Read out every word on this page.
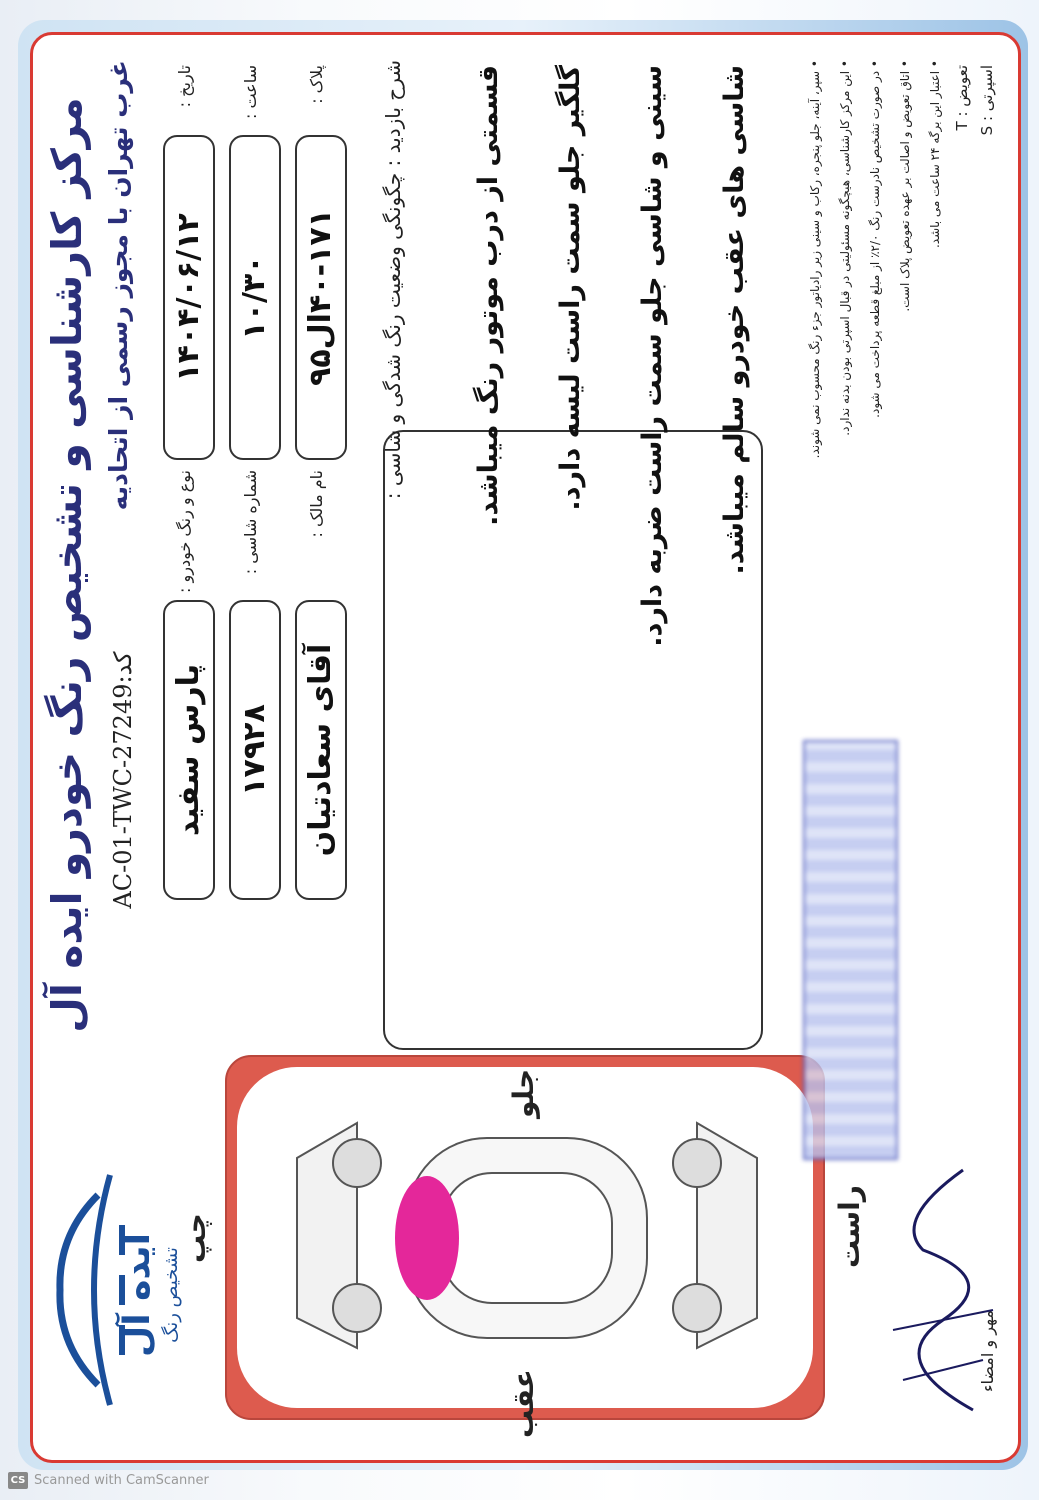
مرکز کارشناسی و تشخیص رنگ خودرو ایده آل غرب تهران با مجوز رسمی از اتحادیه
AC-01-TWC-27249:کد
ایده آل تشخیص رنگ
تاریخ :
۱۴۰۴/۰۶/۱۲
نوع و رنگ خودرو :
پارس سفید
ساعت :
۱۰/۳۰
شماره شاسی :
۱۷۹۲۸
پلاک :
۴۰-۱۷۱ال۹۵
نام مالک :
آقای سعادتیان
چپ	راست
جلو
عقب
شرح بازدید : چگونگی وضعیت رنگ شدگی و شاسی :	قسمتی از درب موتور رنگ میباشد. گلگیر جلو سمت راست لیسه دارد. سینی و شاسی جلو سمت راست ضربه دارد. شاسی های عقب خودرو سالم میباشد.	• سپر، آینه، جلو پنجره، رکاب و سینی زیر رادیاتور جزء رنگ محسوب نمی شوند. • این مرکز کارشناسی، هیچگونه مسئولیتی در قبال اسپرتی بودن بدنه ندارد. • در صورت تشخیص نادرست رنگ ۲/۰٪ از مبلغ قطعه پرداخت می شود. • اتاق تعویض و اصالت بر عهده تعویض پلاک است. • اعتبار این برگه ۲۴ ساعت می باشد.
مهر و امضاء
تعویض : T
اسپرتی : S
CS Scanned with CamScanner
